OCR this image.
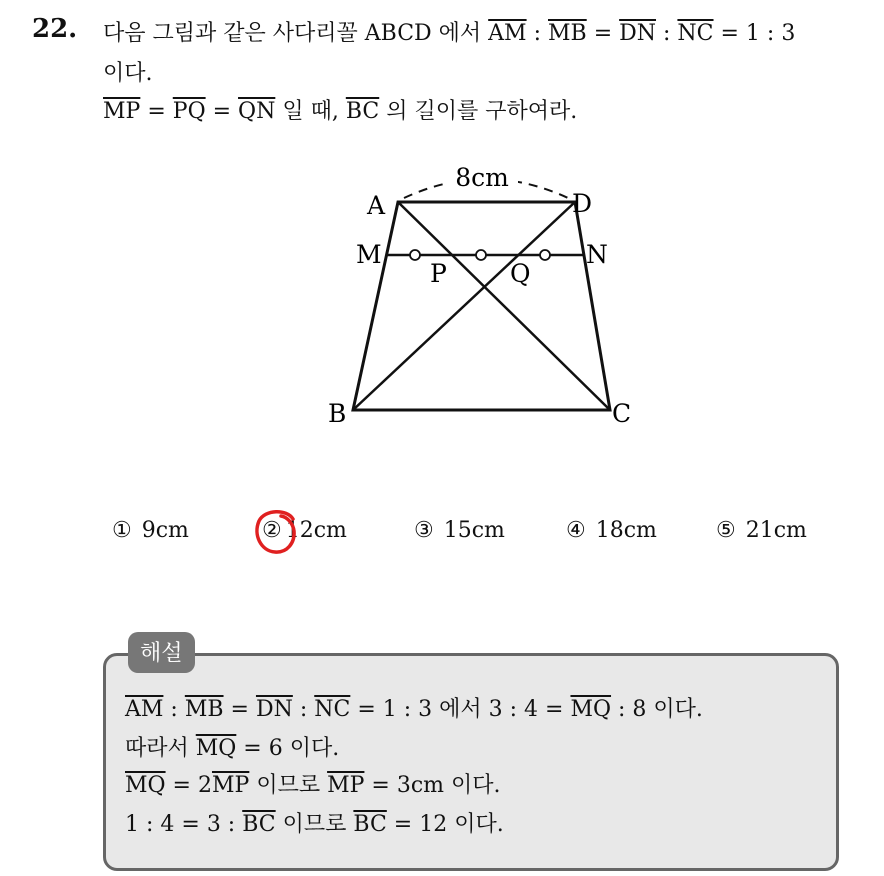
22. 다음 그림과 같은 사다리꼴 ABCD 에서 $\overline{AM}$ : $\overline{MB} = \overline{DN}$ : $\overline{NC} = 1$ : 3
이다.
$\overline{MP} = \overline{PQ} = \overline{QN}$ 일 때, $\overline{BC}$ 의 길이를 구하여라.
8cm
A	D
M	N
P	Q
B	C
① 9cm	② 12cm	③ 15cm	④ 18cm	⑤ 21cm
해설
$\overline{AM}$ : $\overline{MB} = \overline{DN}$ : $\overline{NC} = 1$ : 3 에서 3 : $4 = \overline{MQ}$ : 8 이다.
따라서 $\overline{MQ} = 6$ 이다.
$\overline{MQ} = 2\overline{MP}$ 이므로 $\overline{MP} = 3cm$ 이다.
1 : 4 = 3 : $\overline{BC}$ 이므로 $\overline{BC} = 12$ 이다.
